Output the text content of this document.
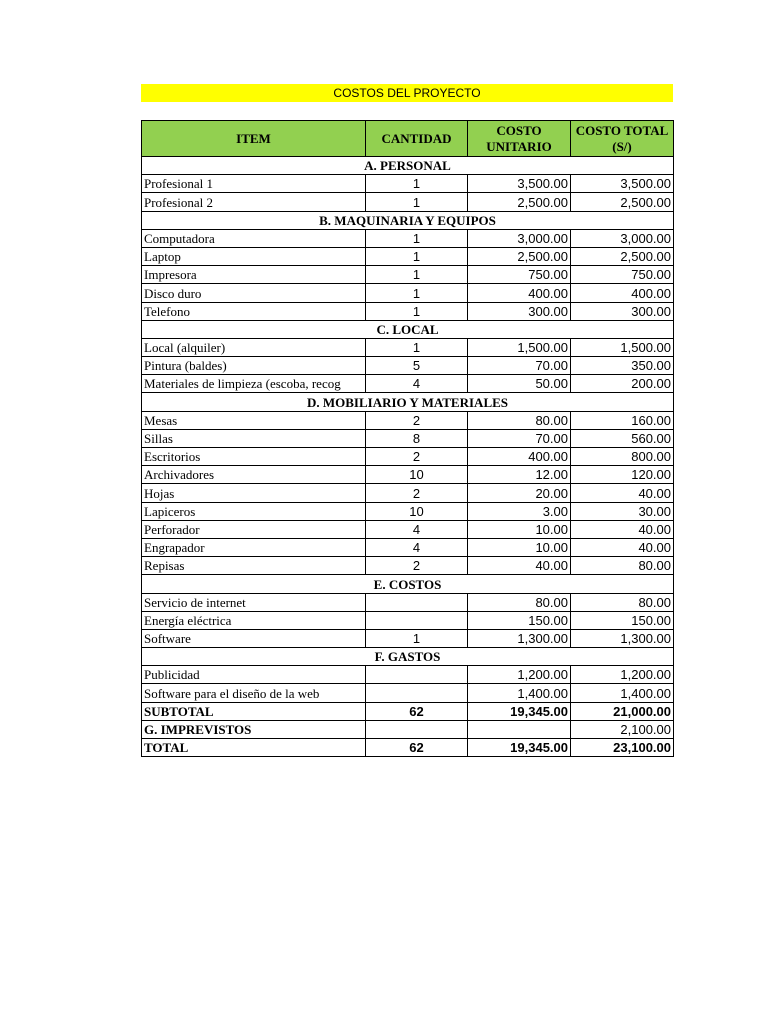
COSTOS DEL PROYECTO
ITEM	CANTIDAD	COSTO UNITARIO	COSTO TOTAL (S/)
A. PERSONAL			
Profesional 1	1	3,500.00	3,500.00
Profesional 2	1	2,500.00	2,500.00
B. MAQUINARIA Y EQUIPOS			
Computadora	1	3,000.00	3,000.00
Laptop	1	2,500.00	2,500.00
Impresora	1	750.00	750.00
Disco duro	1	400.00	400.00
Telefono	1	300.00	300.00
C. LOCAL			
Local (alquiler)	1	1,500.00	1,500.00
Pintura (baldes)	5	70.00	350.00
Materiales de limpieza (escoba, recog	4	50.00	200.00
D. MOBILIARIO Y MATERIALES			
Mesas	2	80.00	160.00
Sillas	8	70.00	560.00
Escritorios	2	400.00	800.00
Archivadores	10	12.00	120.00
Hojas	2	20.00	40.00
Lapiceros	10	3.00	30.00
Perforador	4	10.00	40.00
Engrapador	4	10.00	40.00
Repisas	2	40.00	80.00
E. COSTOS			
Servicio de internet		80.00	80.00
Energía eléctrica		150.00	150.00
Software	1	1,300.00	1,300.00
F. GASTOS			
Publicidad		1,200.00	1,200.00
Software para el diseño de la web		1,400.00	1,400.00
SUBTOTAL	62	19,345.00	21,000.00
G. IMPREVISTOS			2,100.00
TOTAL	62	19,345.00	23,100.00
